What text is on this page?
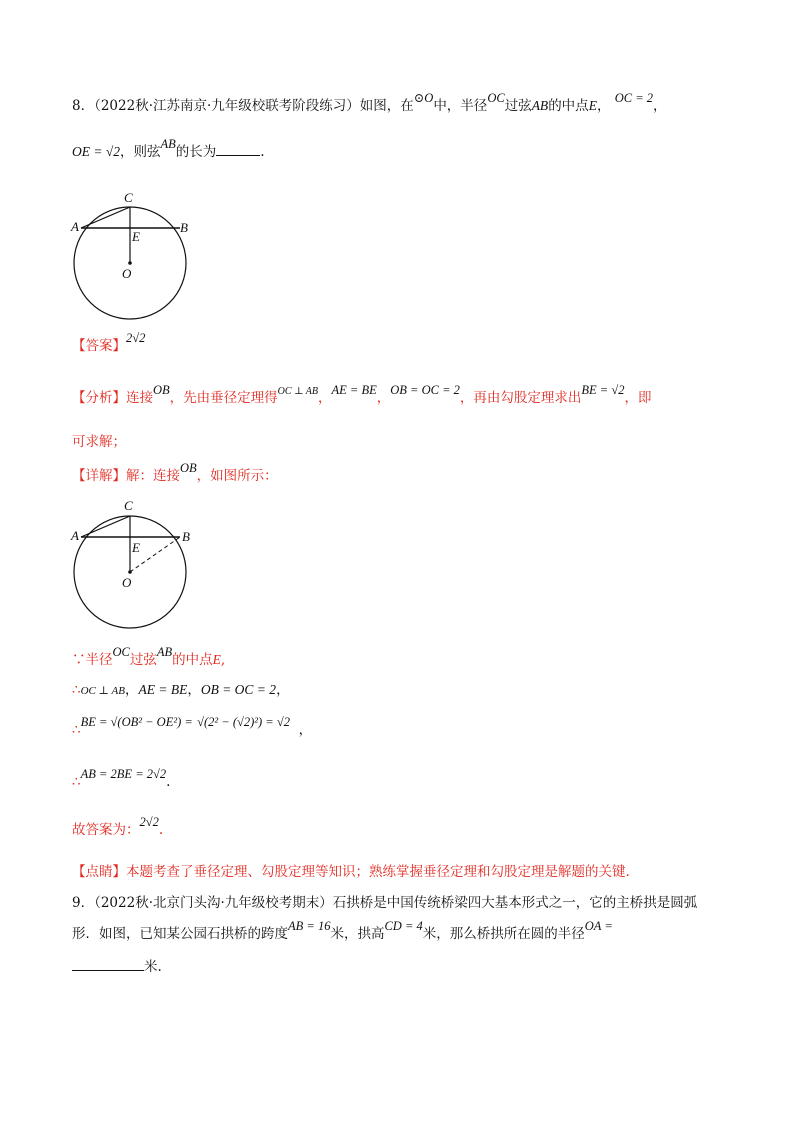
8．（2022秋·江苏南京·九年级校联考阶段练习）如图，在⊙O中，半径OC过弦AB的中点E， OC = 2，
OE = √2，则弦AB的长为	.
A	B
C
E
O
【答案】2√2
【分析】连接OB，先由垂径定理得$^{OC \perp AB}$，AE = BE，OB = OC = 2，再由勾股定理求出BE = √2，即
可求解；
【详解】解：连接OB，如图所示：
A	B
C
E
O
∵半径OC过弦AB的中点E,
∴OC ⊥ AB，AE = BE，OB = OC = 2，
∴BE = √(OB² − OE²) = √(2² − (√2)²) = √2 ，
∴AB = 2BE = 2√2.
故答案为：2√2.
【点睛】本题考查了垂径定理、勾股定理等知识；熟练掌握垂径定理和勾股定理是解题的关键.
9．（2022秋·北京门头沟·九年级校考期末）石拱桥是中国传统桥梁四大基本形式之一，它的主桥拱是圆弧
形．如图，已知某公园石拱桥的跨度AB = 16米，拱高CD = 4米，那么桥拱所在圆的半径OA =
米.
